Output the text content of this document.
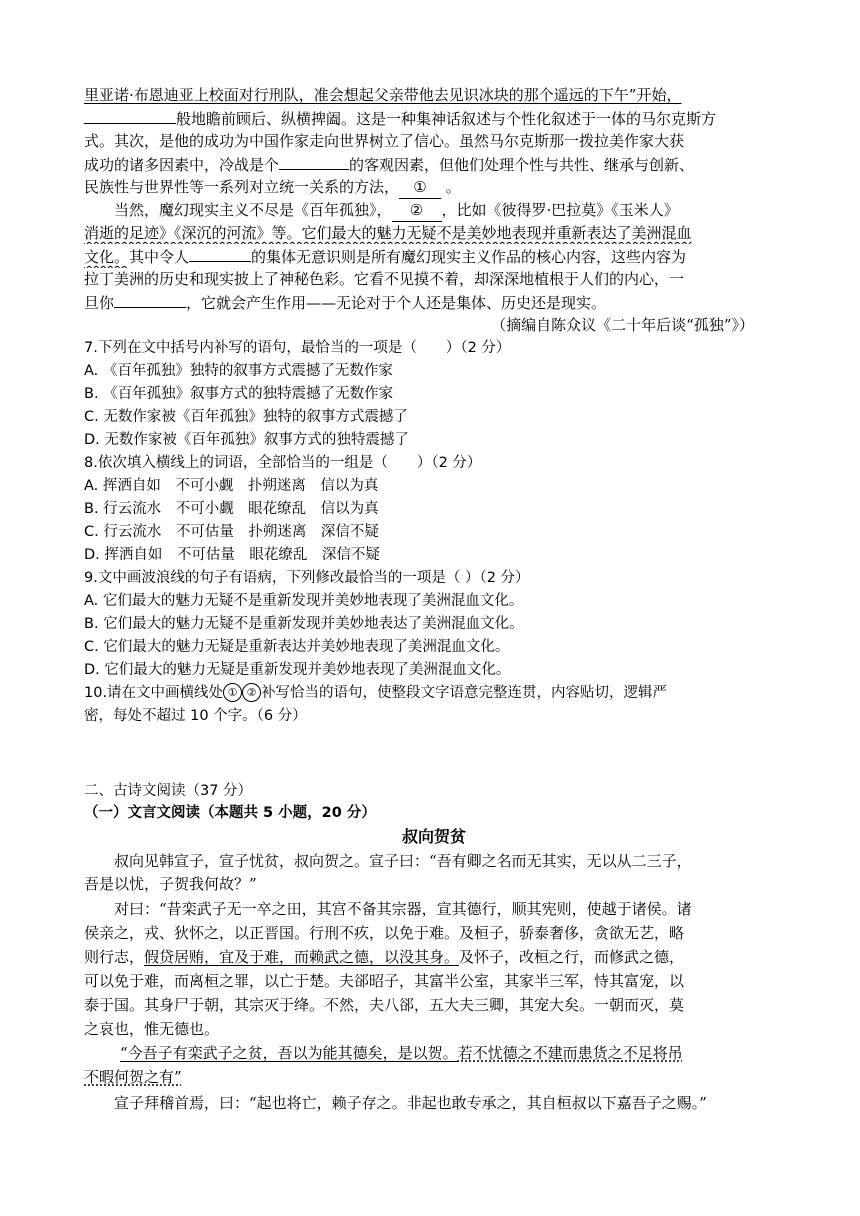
里亚诺·布恩迪亚上校面对行刑队，准会想起父亲带他去见识冰块的那个遥远的下午”开始，
般地瞻前顾后、纵横捭阖。这是一种集神话叙述与个性化叙述于一体的马尔克斯方
式。其次，是他的成功为中国作家走向世界树立了信心。虽然马尔克斯那一拨拉美作家大获
成功的诸多因素中，冷战是个	的客观因素，但他们处理个性与共性、继承与创新、
民族性与世界性等一系列对立统一关系的方法， ① 。
当然，魔幻现实主义不尽是《百年孤独》， ② ，比如《彼得罗·巴拉莫》《玉米人》
消逝的足迹》《深沉的河流》等。它们最大的魅力无疑不是美妙地表现并重新表达了美洲混血
文化。其中令人	的集体无意识则是所有魔幻现实主义作品的核心内容，这些内容为
拉丁美洲的历史和现实披上了神秘色彩。它看不见摸不着，却深深地植根于人们的内心，一
旦你	，它就会产生作用——无论对于个人还是集体、历史还是现实。
（摘编自陈众议《二十年后谈“孤独”》）
7.下列在文中括号内补写的语句，最恰当的一项是（　　）（2 分）
A. 《百年孤独》独特的叙事方式震撼了无数作家
B. 《百年孤独》叙事方式的独特震撼了无数作家
C. 无数作家被《百年孤独》独特的叙事方式震撼了
D. 无数作家被《百年孤独》叙事方式的独特震撼了
8.依次填入横线上的词语，全部恰当的一组是（　　）（2 分）
A. 挥洒自如　不可小觑　扑朔迷离　信以为真
B. 行云流水　不可小觑　眼花缭乱　信以为真
C. 行云流水　不可估量　扑朔迷离　深信不疑
D. 挥洒自如　不可估量　眼花缭乱　深信不疑
9.文中画波浪线的句子有语病，下列修改最恰当的一项是（ ）（2 分）
A. 它们最大的魅力无疑不是重新发现并美妙地表现了美洲混血文化。
B. 它们最大的魅力无疑不是重新发现并美妙地表达了美洲混血文化。
C. 它们最大的魅力无疑是重新表达并美妙地表现了美洲混血文化。
D. 它们最大的魅力无疑是重新发现并美妙地表现了美洲混血文化。
10.请在文中画横线处 ① ② 补写恰当的语句，使整段文字语意完整连贯，内容贴切，逻辑严
密，每处不超过 10 个字。（6 分）
二、古诗文阅读（37 分）
（一）文言文阅读（本题共 5 小题，20 分）
叔向贺贫
叔向见韩宣子，宣子忧贫，叔向贺之。宣子曰：“吾有卿之名而无其实，无以从二三子，
吾是以忧，子贺我何故？”
对曰：“昔栾武子无一卒之田，其宫不备其宗器，宣其德行，顺其宪则，使越于诸侯。诸
侯亲之，戎、狄怀之，以正晋国。行刑不疚，以免于难。及桓子，骄泰奢侈，贪欲无艺，略
则行志，假贷居贿，宜及于难，而赖武之德，以没其身。及怀子，改桓之行，而修武之德，
可以免于难，而离桓之罪，以亡于楚。夫郤昭子，其富半公室，其家半三军，恃其富宠，以
泰于国。其身尸于朝，其宗灭于绛。不然，夫八郤，五大夫三卿，其宠大矣。一朝而灭，莫
之哀也，惟无德也。
“今吾子有栾武子之贫，吾以为能其德矣，是以贺。若不忧德之不建而患货之不足将吊
不暇何贺之有”
宣子拜稽首焉，曰：“起也将亡，赖子存之。非起也敢专承之，其自桓叔以下嘉吾子之赐。”
